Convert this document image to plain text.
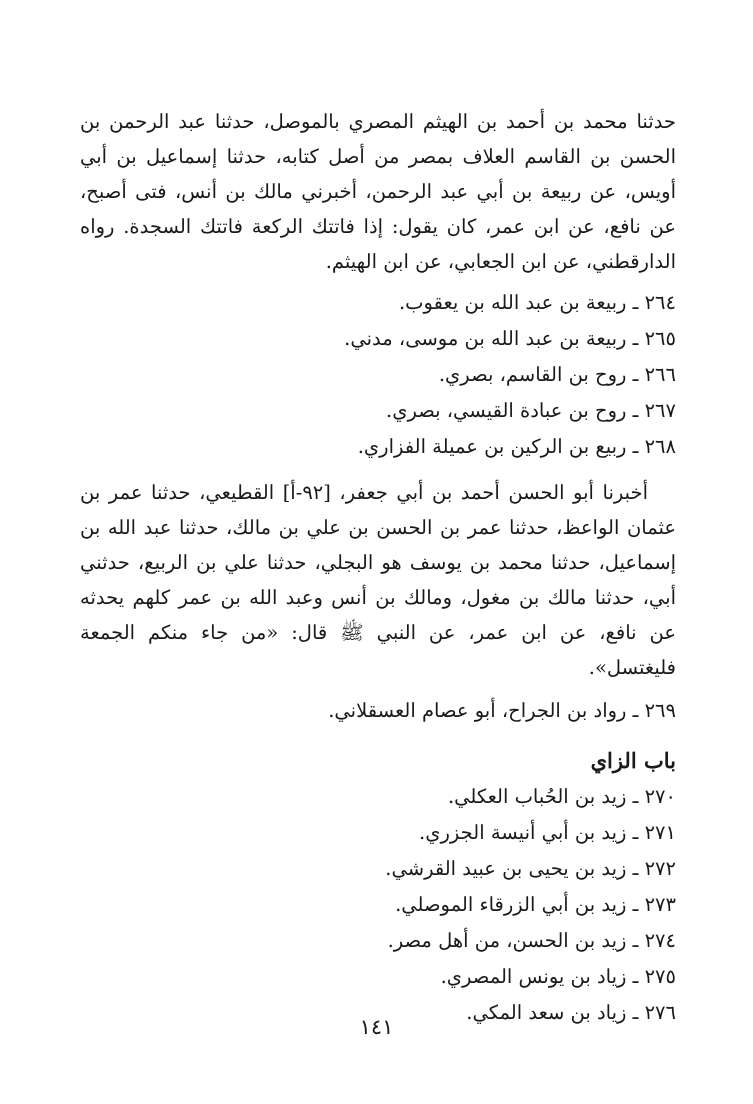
حدثنا محمد بن أحمد بن الهيثم المصري بالموصل، حدثنا عبد الرحمن بن الحسن بن القاسم العلاف بمصر من أصل كتابه، حدثنا إسماعيل بن أبي أويس، عن ربيعة بن أبي عبد الرحمن، أخبرني مالك بن أنس، فتى أصبح، عن نافع، عن ابن عمر، كان يقول: إذا فاتتك الركعة فاتتك السجدة. رواه الدارقطني، عن ابن الجعابي، عن ابن الهيثم.

٢٦٤ ـ ربيعة بن عبد الله بن يعقوب.
٢٦٥ ـ ربيعة بن عبد الله بن موسى، مدني.
٢٦٦ ـ روح بن القاسم، بصري.
٢٦٧ ـ روح بن عبادة القيسي، بصري.
٢٦٨ ـ ربيع بن الركين بن عميلة الفزاري.

أخبرنا أبو الحسن أحمد بن أبي جعفر، [٩٢-أ] القطيعي، حدثنا عمر بن عثمان الواعظ، حدثنا عمر بن الحسن بن علي بن مالك، حدثنا عبد الله بن إسماعيل، حدثنا محمد بن يوسف هو البجلي، حدثنا علي بن الربيع، حدثني أبي، حدثنا مالك بن مغول، ومالك بن أنس وعبد الله بن عمر كلهم يحدثه عن نافع، عن ابن عمر، عن النبي ﷺ قال: «من جاء منكم الجمعة فليغتسل».

٢٦٩ ـ رواد بن الجراح، أبو عصام العسقلاني.
باب الزاي
٢٧٠ ـ زيد بن الحُباب العكلي.
٢٧١ ـ زيد بن أبي أنيسة الجزري.
٢٧٢ ـ زيد بن يحيى بن عبيد القرشي.
٢٧٣ ـ زيد بن أبي الزرقاء الموصلي.
٢٧٤ ـ زيد بن الحسن، من أهل مصر.
٢٧٥ ـ زياد بن يونس المصري.
٢٧٦ ـ زياد بن سعد المكي.
١٤١
